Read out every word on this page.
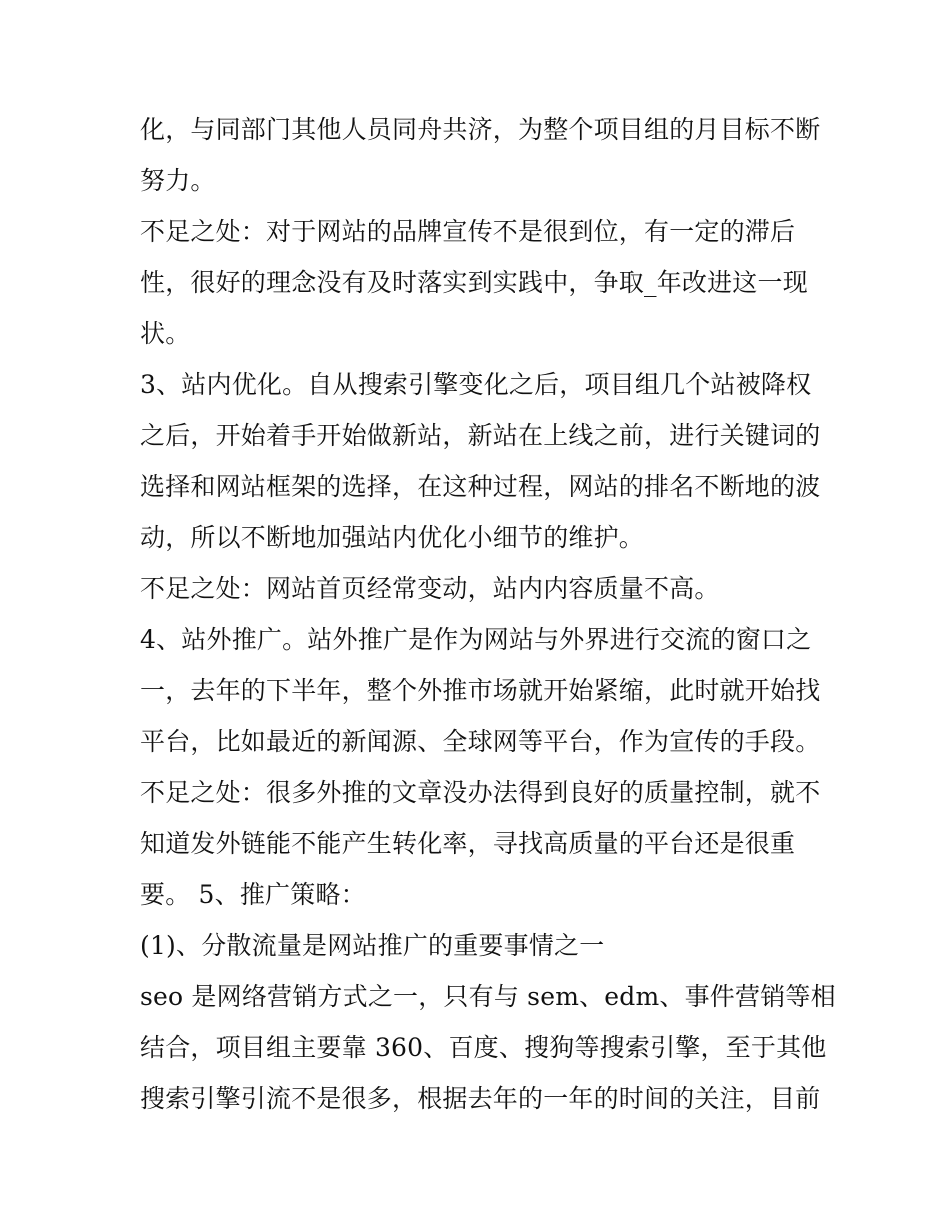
化，与同部门其他人员同舟共济，为整个项目组的月目标不断
努力。
不足之处：对于网站的品牌宣传不是很到位，有一定的滞后
性，很好的理念没有及时落实到实践中，争取_年改进这一现
状。
3、站内优化。自从搜索引擎变化之后，项目组几个站被降权
之后，开始着手开始做新站，新站在上线之前，进行关键词的
选择和网站框架的选择，在这种过程，网站的排名不断地的波
动，所以不断地加强站内优化小细节的维护。
不足之处：网站首页经常变动，站内内容质量不高。
4、站外推广。站外推广是作为网站与外界进行交流的窗口之
一，去年的下半年，整个外推市场就开始紧缩，此时就开始找
平台，比如最近的新闻源、全球网等平台，作为宣传的手段。
不足之处：很多外推的文章没办法得到良好的质量控制，就不
知道发外链能不能产生转化率，寻找高质量的平台还是很重
要。 5、推广策略：
(1)、分散流量是网站推广的重要事情之一
seo 是网络营销方式之一，只有与 sem、edm、事件营销等相
结合，项目组主要靠 360、百度、搜狗等搜索引擎，至于其他
搜索引擎引流不是很多，根据去年的一年的时间的关注，目前
